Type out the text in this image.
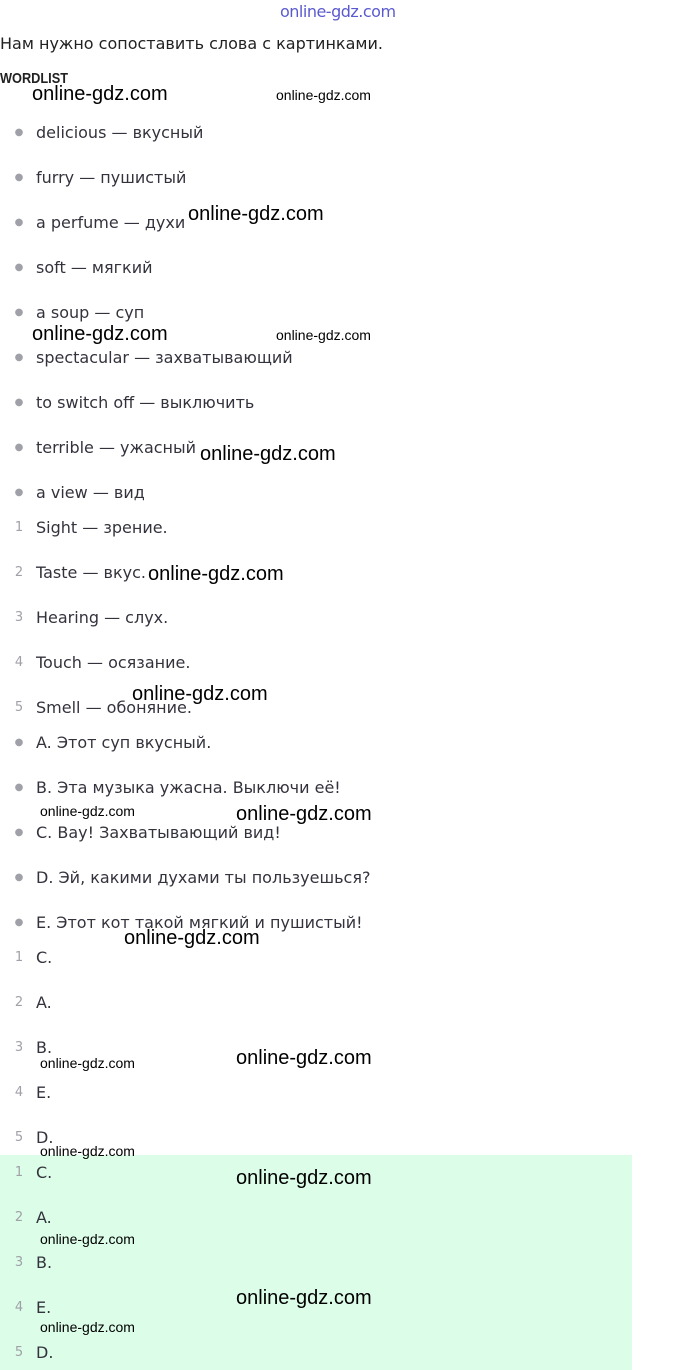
online-gdz.com

Нам нужно сопоставить слова с картинками.

WORDLIST
● delicious — вкусный
● furry — пушистый
● a perfume — духи
● soft — мягкий
● a soup — суп
● spectacular — захватывающий
● to switch off — выключить
● terrible — ужасный
● a view — вид
1 Sight — зрение.
2 Taste — вкус.
3 Hearing — слух.
4 Touch — осязание.
5 Smell — обоняние.
● A. Этот суп вкусный.
● B. Эта музыка ужасна. Выключи её!
● C. Вау! Захватывающий вид!
● D. Эй, какими духами ты пользуешься?
● E. Этот кот такой мягкий и пушистый!
1 C.
2 A.
3 B.
4 E.
5 D.
1 C.
2 A.
3 B.
4 E.
5 D.

online-gdz.com	online-gdz.com

online-gdz.com

online-gdz.com	online-gdz.com

online-gdz.com

online-gdz.com

online-gdz.com

online-gdz.com	online-gdz.com

online-gdz.com

online-gdz.com

online-gdz.com

online-gdz.com

online-gdz.com

online-gdz.com

online-gdz.com

online-gdz.com
